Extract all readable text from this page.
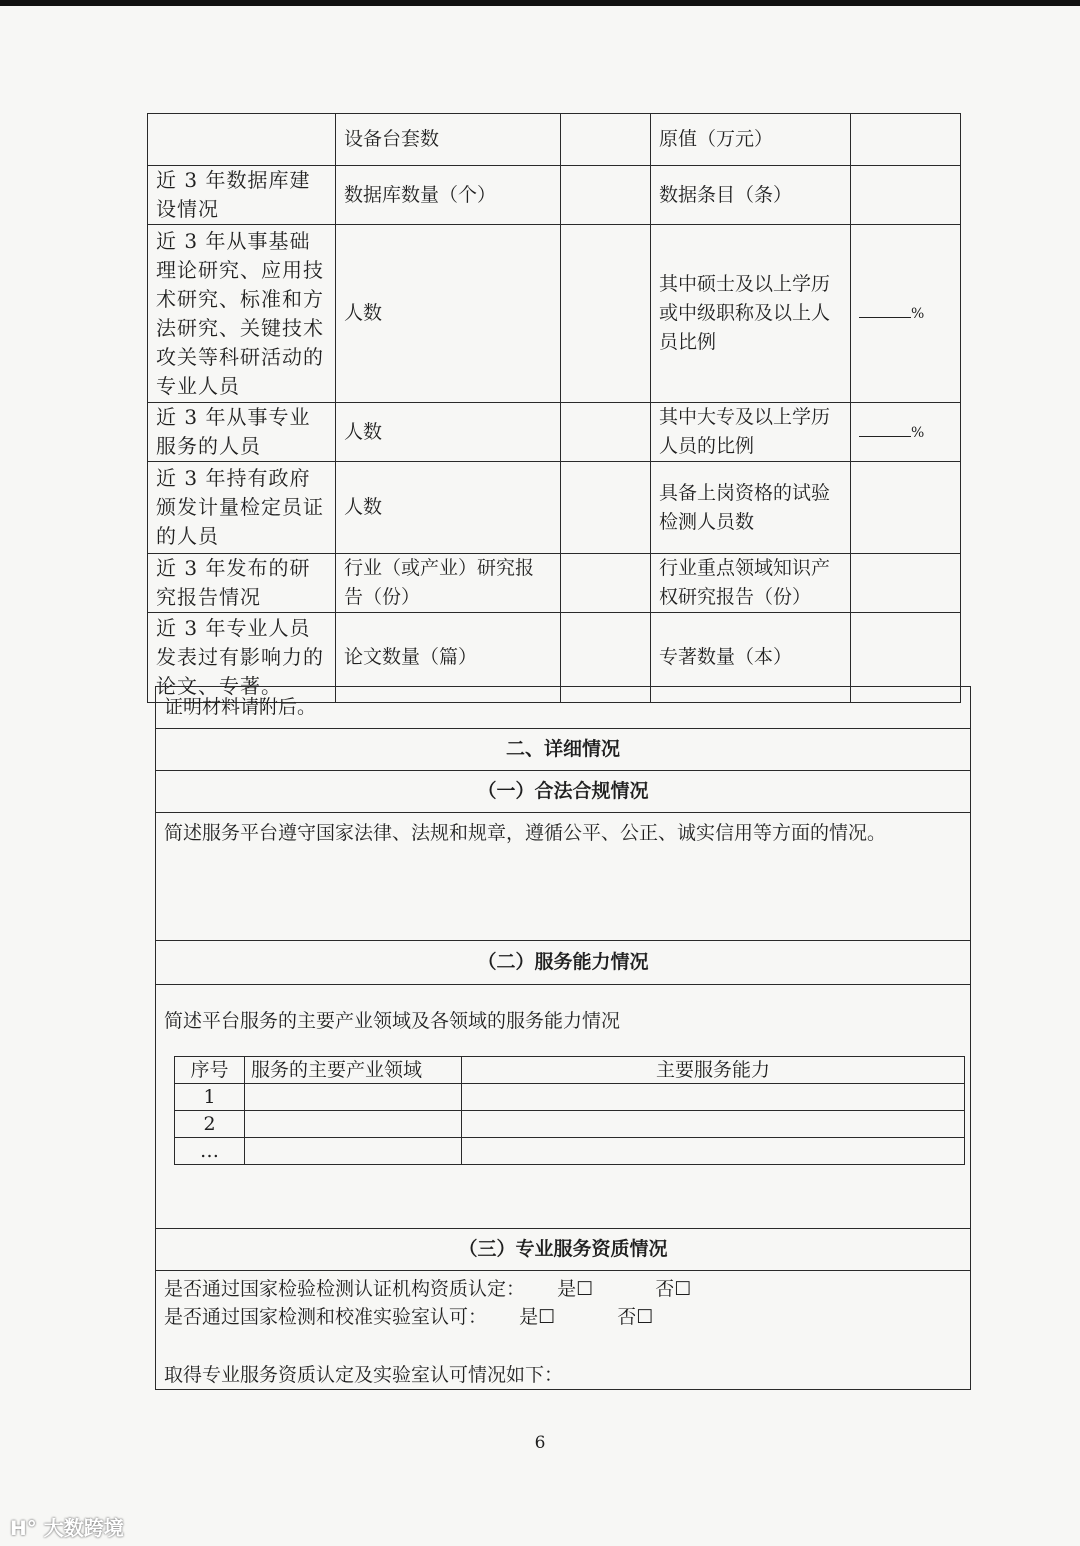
	设备台套数		原值（万元）	
近 3 年数据库建设情况	数据库数量（个）		数据条目（条）	
近 3 年从事基础理论研究、应用技术研究、标准和方法研究、关键技术攻关等科研活动的专业人员	人数		其中硕士及以上学历或中级职称及以上人员比例	%
近 3 年从事专业服务的人员	人数		其中大专及以上学历人员的比例	%
近 3 年持有政府颁发计量检定员证的人员	人数		具备上岗资格的试验检测人员数	
近 3 年发布的研究报告情况	行业（或产业）研究报告（份）		行业重点领域知识产权研究报告（份）	
近 3 年专业人员发表过有影响力的论文、专著。	论文数量（篇）		专著数量（本）	
证明材料请附后。
二、详细情况
（一）合法合规情况
简述服务平台遵守国家法律、法规和规章，遵循公平、公正、诚实信用等方面的情况。
（二）服务能力情况

简述平台服务的主要产业领域及各领域的服务能力情况
序号	服务的主要产业领域	主要服务能力
1		
2		
…		

（三）专业服务资质情况

是否通过国家检验检测认证机构资质认定： 是☐	否☐
是否通过国家检测和校准实验室认可： 是☐	否☐
取得专业服务资质认定及实验室认可情况如下：
6
ᕼ° 大数跨境
